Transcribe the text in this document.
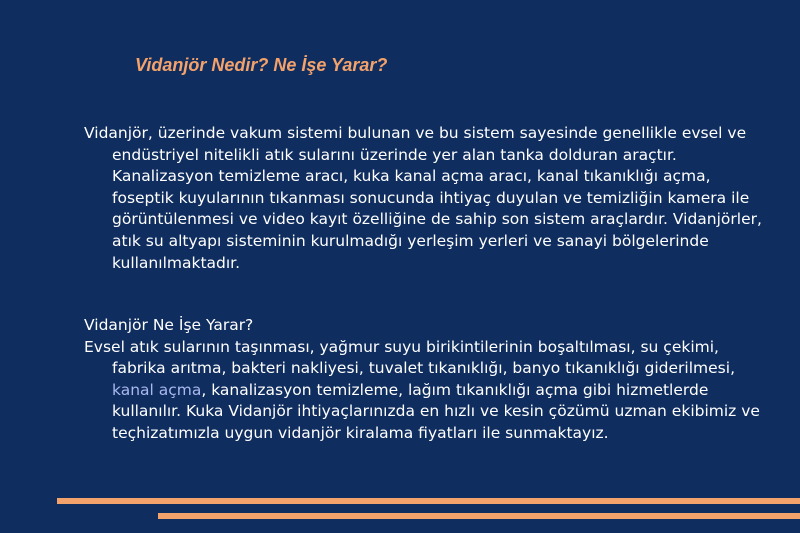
Vidanjör Nedir? Ne İşe Yarar?

Vidanjör, üzerinde vakum sistemi bulunan ve bu sistem sayesinde genellikle evsel ve endüstriyel nitelikli atık sularını üzerinde yer alan tanka dolduran araçtır. Kanalizasyon temizleme aracı, kuka kanal açma aracı, kanal tıkanıklığı açma, foseptik kuyularının tıkanması sonucunda ihtiyaç duyulan ve temizliğin kamera ile görüntülenmesi ve video kayıt özelliğine de sahip son sistem araçlardır. Vidanjörler, atık su altyapı sisteminin kurulmadığı yerleşim yerleri ve sanayi bölgelerinde kullanılmaktadır.

Vidanjör Ne İşe Yarar?

Evsel atık sularının taşınması, yağmur suyu birikintilerinin boşaltılması, su çekimi, fabrika arıtma, bakteri nakliyesi, tuvalet tıkanıklığı, banyo tıkanıklığı giderilmesi, kanal açma, kanalizasyon temizleme, lağım tıkanıklığı açma gibi hizmetlerde kullanılır. Kuka Vidanjör ihtiyaçlarınızda en hızlı ve kesin çözümü uzman ekibimiz ve teçhizatımızla uygun vidanjör kiralama fiyatları ile sunmaktayız.
